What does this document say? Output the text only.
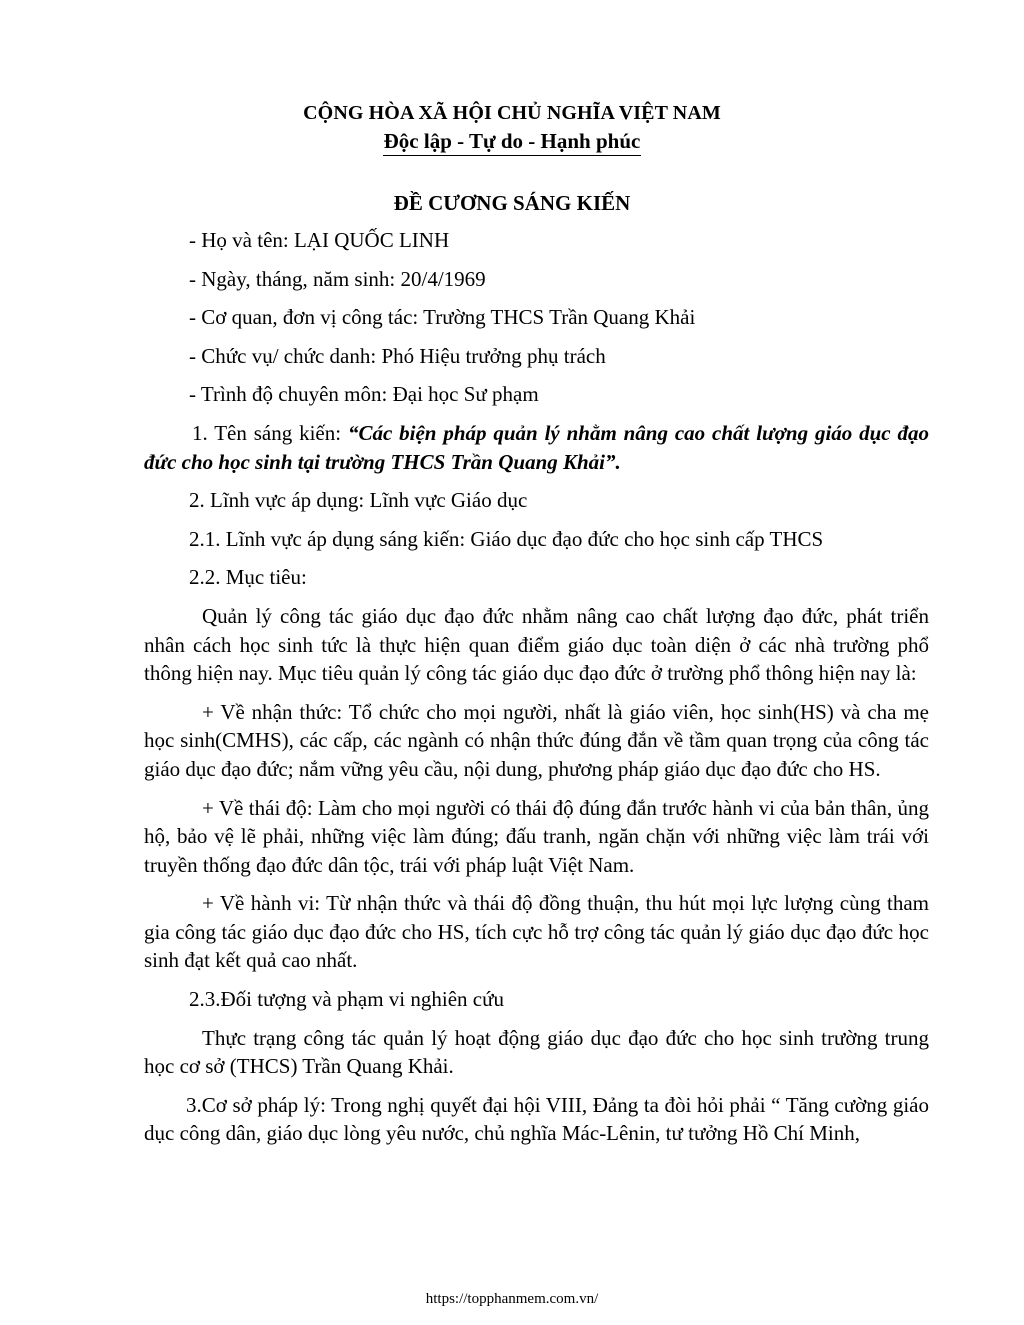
CỘNG HÒA XÃ HỘI CHỦ NGHĨA VIỆT NAM
Độc lập - Tự do - Hạnh phúc
ĐỀ CƯƠNG SÁNG KIẾN
- Họ và tên: LẠI QUỐC LINH
- Ngày, tháng, năm sinh: 20/4/1969
- Cơ quan, đơn vị công tác: Trường THCS Trần Quang Khải
- Chức vụ/ chức danh: Phó Hiệu trưởng phụ trách
- Trình độ chuyên môn: Đại học Sư phạm
1. Tên sáng kiến: “Các biện pháp quản lý nhằm nâng cao chất lượng giáo dục đạo đức cho học sinh tại trường THCS Trần Quang Khải”.
2. Lĩnh vực áp dụng: Lĩnh vực Giáo dục
2.1. Lĩnh vực áp dụng sáng kiến: Giáo dục đạo đức cho học sinh cấp THCS
2.2. Mục tiêu:
Quản lý công tác giáo dục đạo đức nhằm nâng cao chất lượng đạo đức, phát triển nhân cách học sinh tức là thực hiện quan điểm giáo dục toàn diện ở các nhà trường phổ thông hiện nay. Mục tiêu quản lý công tác giáo dục đạo đức ở trường phổ thông hiện nay là:
+ Về nhận thức: Tổ chức cho mọi người, nhất là giáo viên, học sinh(HS) và cha mẹ học sinh(CMHS), các cấp, các ngành có nhận thức đúng đắn về tầm quan trọng của công tác giáo dục đạo đức; nắm vững yêu cầu, nội dung, phương pháp giáo dục đạo đức cho HS.
+ Về thái độ: Làm cho mọi người có thái độ đúng đắn trước hành vi của bản thân, ủng hộ, bảo vệ lẽ phải, những việc làm đúng; đấu tranh, ngăn chặn với những việc làm trái với truyền thống đạo đức dân tộc, trái với pháp luật Việt Nam.
+ Về hành vi: Từ nhận thức và thái độ đồng thuận, thu hút mọi lực lượng cùng tham gia công tác giáo dục đạo đức cho HS, tích cực hỗ trợ công tác quản lý giáo dục đạo đức học sinh đạt kết quả cao nhất.
2.3.Đối tượng và phạm vi nghiên cứu
Thực trạng công tác quản lý hoạt động giáo dục đạo đức cho học sinh trường trung học cơ sở (THCS) Trần Quang Khải.
3.Cơ sở pháp lý: Trong nghị quyết đại hội VIII, Đảng ta đòi hỏi phải “ Tăng cường giáo dục công dân, giáo dục lòng yêu nước, chủ nghĩa Mác-Lênin, tư tưởng Hồ Chí Minh,
https://topphanmem.com.vn/
